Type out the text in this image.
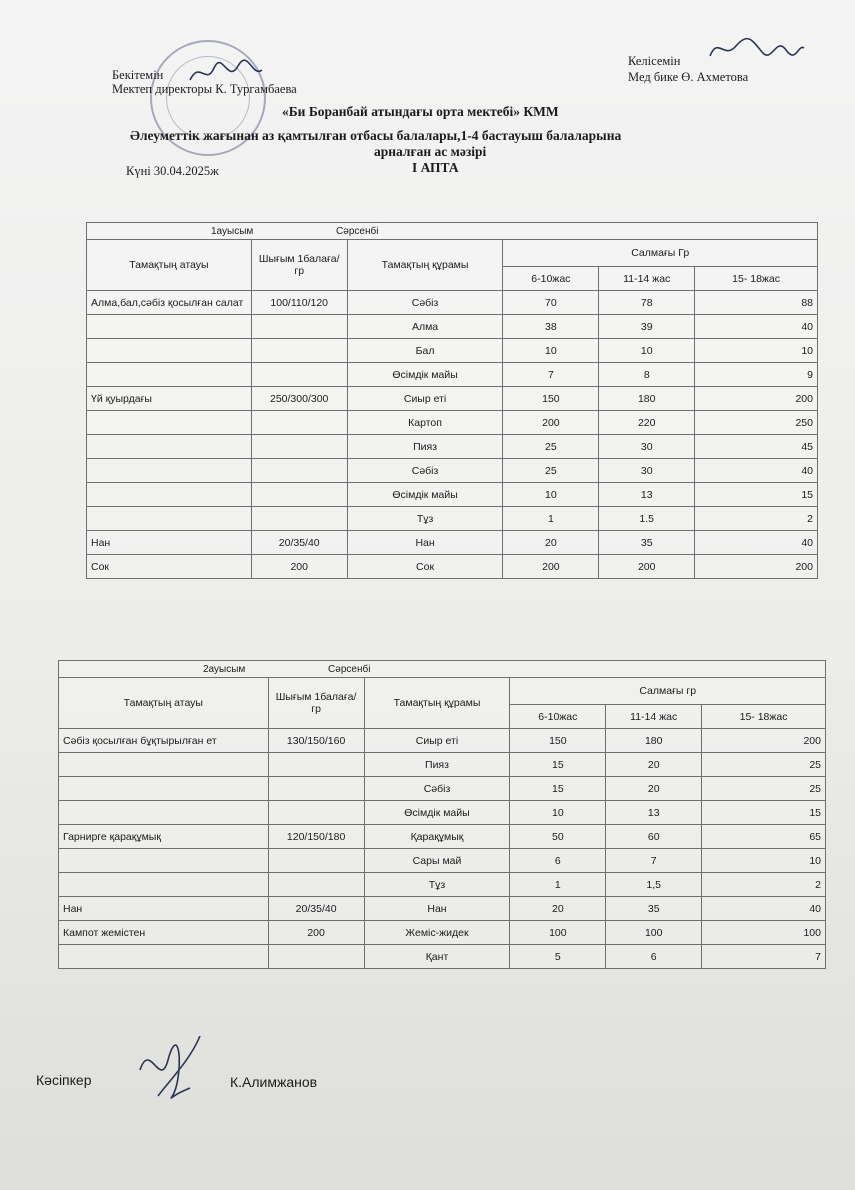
Бекітемін
Мектеп директоры К. Тургамбаева
Келісемін
Мед бике Ө. Ахметова
«Би Боранбай атындағы орта мектебі» КММ
Әлеуметтік жағынан аз қамтылған отбасы балалары,1-4 бастауыш балаларына
арналған ас мәзірі
Күні 30.04.2025ж	I АПТА
1ауысым Сәрсенбі					
Тамақтың атауы	Шығым 1балаға/гр	Тамақтың құрамы	Салмағы Гр		
			6-10жас	11-14 жас	15- 18жас
Алма,бал,сәбіз қосылған салат	100/110/120	Сәбіз	70	78	88
		Алма	38	39	40
		Бал	10	10	10
		Өсімдік майы	7	8	9
Үй қуырдағы	250/300/300	Сиыр еті	150	180	200
		Картоп	200	220	250
		Пияз	25	30	45
		Сәбіз	25	30	40
		Өсімдік майы	10	13	15
		Тұз	1	1.5	2
Нан	20/35/40	Нан	20	35	40
Сок	200	Сок	200	200	200
2ауысым Сәрсенбі					
Тамақтың атауы	Шығым 1балаға/гр	Тамақтың құрамы	Салмағы гр		
			6-10жас	11-14 жас	15- 18жас
Сәбіз қосылған бұқтырылған ет	130/150/160	Сиыр еті	150	180	200
		Пияз	15	20	25
		Сәбіз	15	20	25
		Өсімдік майы	10	13	15
Гарнирге қарақұмық	120/150/180	Қарақұмық	50	60	65
		Сары май	6	7	10
		Тұз	1	1,5	2
Нан	20/35/40	Нан	20	35	40
Кампот жемістен	200	Жеміс-жидек	100	100	100
		Қант	5	6	7
Кәсіпкер	К.Алимжанов
